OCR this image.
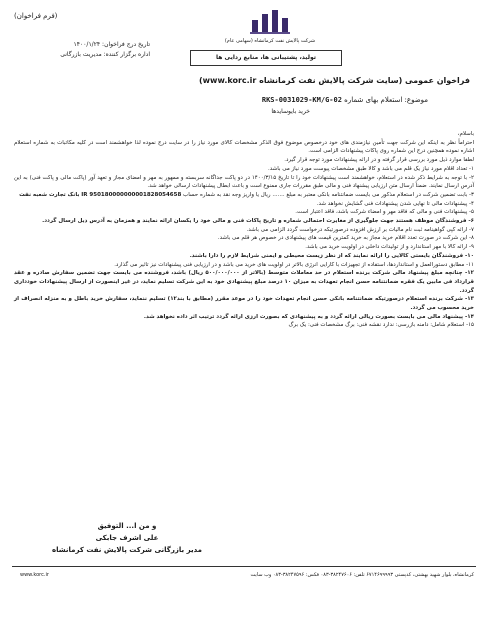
(فرم فراخوان)
شرکت پالایش نفت کرمانشاه (سهامی عام)
تولید، پشتیبانی ها، منابع ردایی ها
تاریخ درج فراخوان: ۱۴۰۰/۱/۲۴
اداره برگزار کننده: مدیریت بازرگانی
فراخوان عمومی (سایت شرکت پالایش نفت کرمانشاه www.korc.ir)
موضوع: استعلام بهای شماره RKS-0031029-KM/G-02
خرید بایوسایدها

باسلام،

احتراماً نظر به اینکه این شرکت جهت تأمین نیازمندی های خود درخصوص موضوع فوق الذکر مشخصات کالای مورد نیاز را در سایت درج نموده لذا خواهشمند است در کلیه مکاتبات به شماره استعلام اشاره نموده همچنین درج این شماره روی پاکات پیشنهادات الزامی است.

لطفا موارد ذیل مورد بررسی قرار گرفته و در ارائه پیشنهادات مورد توجه قرار گیرد.

۱- تعداد اقلام مورد نیاز یک قلم می باشد و کالا طبق مشخصات پیوست مورد نیاز می باشد.

۲- با توجه به شرایط ذکر شده در استعلام، خواهشمند است پیشنهادات خود را تا تاریخ ۱۴۰۰/۳/۱۵ در دو پاکت جداگانه سربسته و ممهور به مهر و امضای مجاز و تعهد آور (پاکت مالی و پاکت فنی) به این آدرس ارسال نمایند. ضمناً ارسال متن ارزیابی پیشنهاد فنی و مالی طبق مقررات جاری ممنوع است و باعث ابطال پیشنهادات ارسالی خواهد شد.

۳- بابت تضمین شرکت در استعلام مذکور می بایست ضمانتنامه بانکی معتبر به مبلغ ....... ریال یا واریز وجه نقد به شماره حساب IR 950180000000001828054658 بانک تجارت شعبه نفت

۴- پیشنهادات مالی تا نهایی شدن پیشنهادات فنی گشایش نخواهد شد.

۵- پیشنهادات فنی و مالی که فاقد مهر و امضاء شرکت باشد، فاقد اعتبار است.

۶- فروشندگان موظف هستند جهت جلوگیری از مغایرت احتمالی شماره و تاریخ پاکات فنی و مالی خود را یکسان ارائه نمایند و همزمان به آدرس ذیل ارسال گردد.

۷- ارائه کپی گواهینامه ثبت نام مالیات بر ارزش افزوده درصورتیکه درخواست گردد الزامی می باشد.

۸- این شرکت در صورت تعدد اقلام خرید مجاز به خرید کمترین قیمت های پیشنهادی در خصوص هر قلم می باشد.

۹- ارائه کالا با مهر استاندارد و از تولیدات داخلی در اولویت خرید می باشد.

۱۰- فروشندگان بایستی کالایی را ارائه نمایند که از نظر زیست محیطی و ایمنی شرایط لازم را دارا باشند.

۱۱- مطابق دستورالعمل و استانداردها، استفاده از تجهیزات با کارایی انرژی بالاتر در اولویت های خرید می باشد و در ارزیابی فنی پیشنهادات نیز تاثیر می گذارد.

۱۲- چنانچه مبلغ پیشنهاد مالی شرکت برنده استعلام در حد معاملات متوسط (بالاتر از ۵۰۰/۰۰۰/۰۰۰ ریال) باشد، فروشنده می بایست جهت تضمین سفارش صادره و عقد قرارداد فی مابین یک فقره ضمانتنامه حسن انجام تعهدات به میزان ۱۰ درصد مبلغ پیشنهادی خود به این شرکت تسلیم نماید، در غیر اینصورت از ارسال پیشنهادات خودداری گردد.

۱۳- شرکت برنده استعلام درصورتیکه ضمانتنامه بانکی حسن انجام تعهدات خود را در موعد مقرر (مطابق با بند۱۲) تسلیم ننماید، سفارش خرید باطل و به منزله انصراف از خرید محسوب می گردد.

۱۴- پیشنهاد مالی می بایست بصورت ریالی ارائه گردد و به پیشنهادی که بصورت ارزی ارائه گردد ترتیب اثر داده نخواهد شد.

۱۵- استعلام شامل: دامنه بازرسی: ندارد نقشه فنی: برگ مشخصات فنی: یک برگ

و من ا... التوفیق
علی اشرف جابکی
مدیر بازرگانی شرکت پالایش نفت کرمانشاه
کرمانشاه، بلوار شهید بهشتی، کدپستی ۶۷۱۴۶۹۹۹۹۳ تلفن: ۳۸۲۴۷۶۰۶-۰۸۳ فکس: ۳۸۲۴۷۵۹۶-۰۸۳ وب سایت
www.korc.ir
